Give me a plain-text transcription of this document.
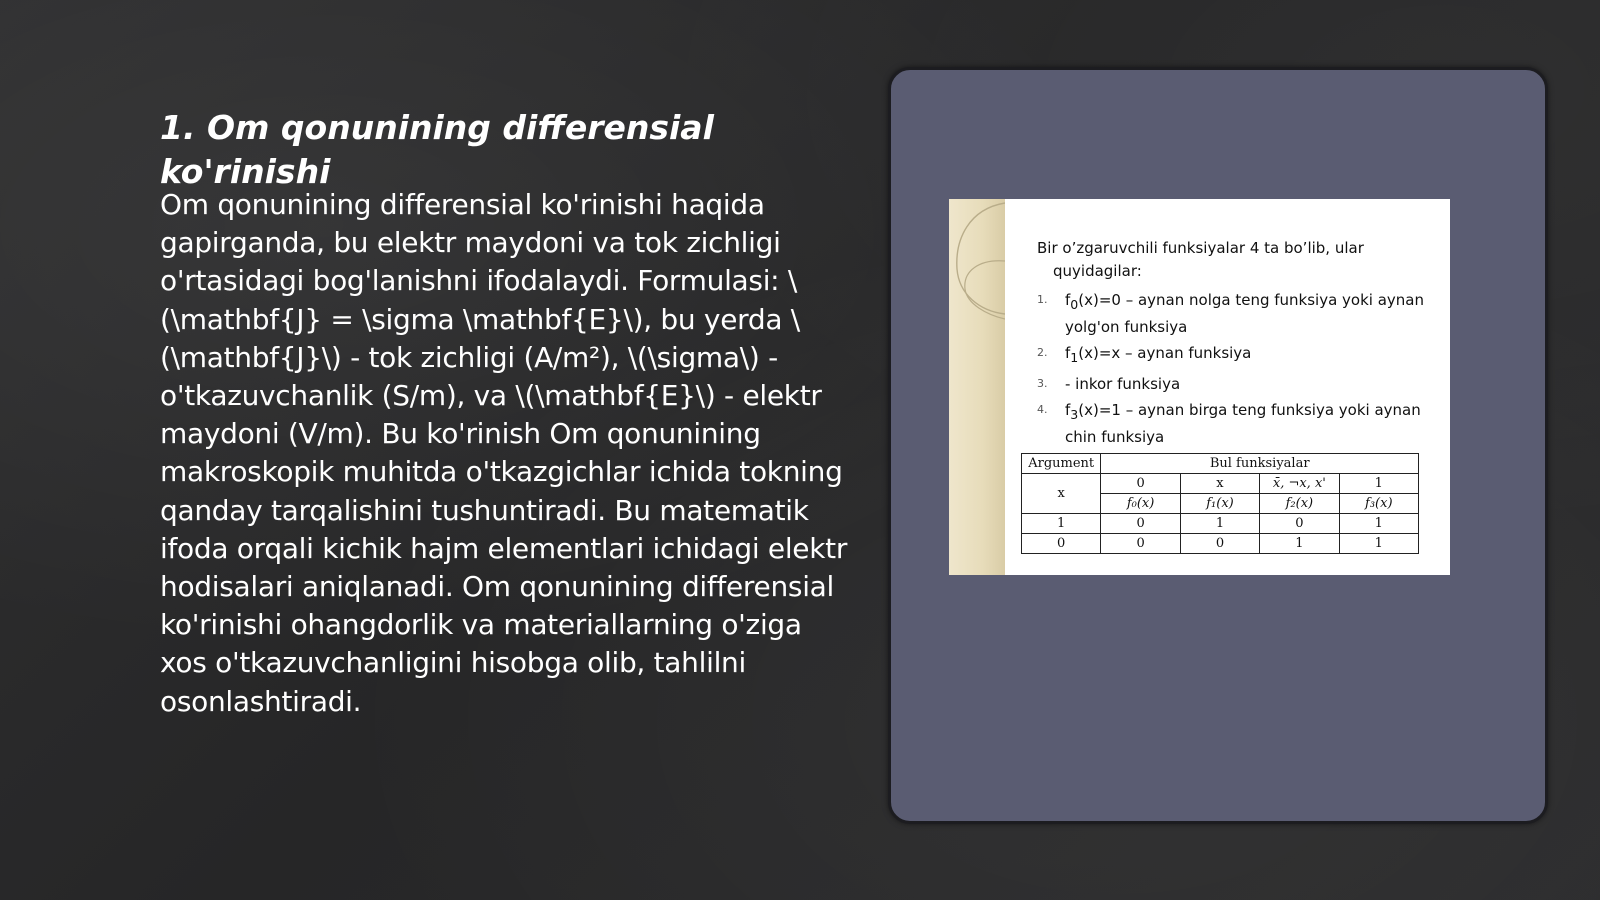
1. Om qonunining differensial ko'rinishi

Om qonunining differensial ko'rinishi haqida gapirganda, bu elektr maydoni va tok zichligi o'rtasidagi bog'lanishni ifodalaydi. Formulasi: \(\mathbf{J} = \sigma \mathbf{E}\), bu yerda \(\mathbf{J}\) - tok zichligi (A/m²), \(\sigma\) - o'tkazuvchanlik (S/m), va \(\mathbf{E}\) - elektr maydoni (V/m). Bu ko'rinish Om qonunining makroskopik muhitda o'tkazgichlar ichida tokning qanday tarqalishini tushuntiradi. Bu matematik ifoda orqali kichik hajm elementlari ichidagi elektr hodisalari aniqlanadi. Om qonunining differensial ko'rinishi ohangdorlik va materiallarning o'ziga xos o'tkazuvchanligini hisobga olib, tahlilni osonlashtiradi.

Bir o’zgaruvchili funksiyalar 4 ta bo’lib, ular
quyidagilar:
1. $f_0(x)=0$ – aynan nolga teng funksiya yoki aynan yolg'on funksiya
2. $f_1(x)=x$ – aynan funksiya
3. - inkor funksiya
4. $f_3(x)=1$ – aynan birga teng funksiya yoki aynan chin funksiya
Argument	Bul funksiyalar			
x	0	x	x̄, ¬x, x'	1
	f₀(x)	f₁(x)	f₂(x)	f₃(x)
1	0	1	0	1
0	0	0	1	1
